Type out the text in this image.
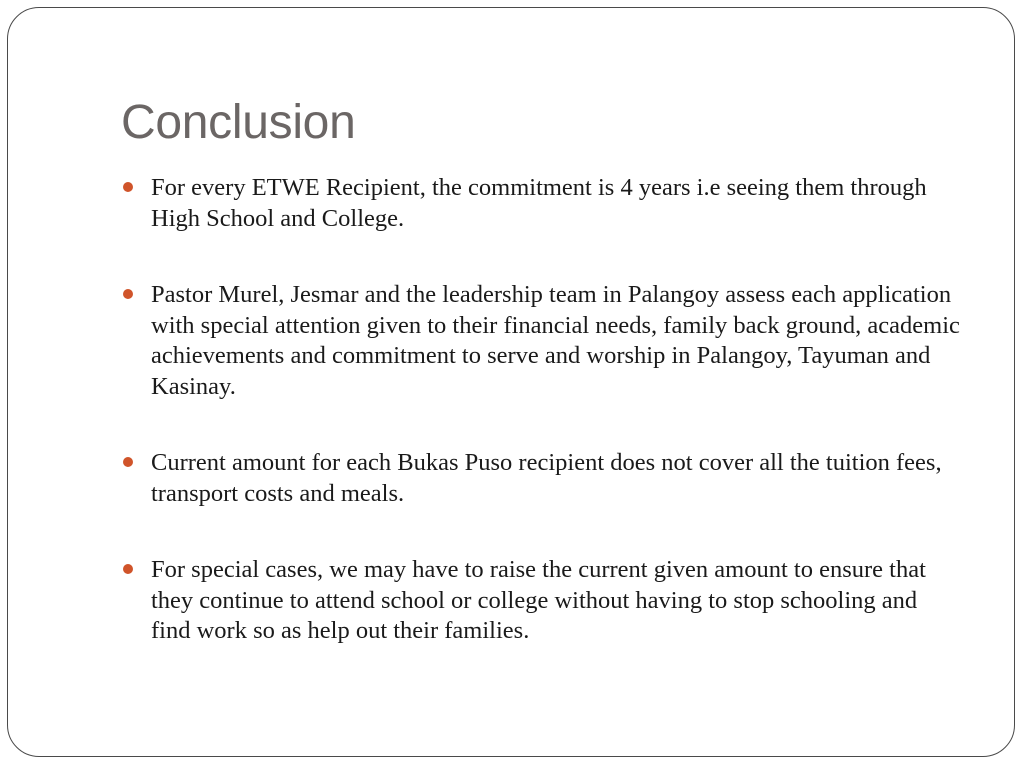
Conclusion
For every ETWE Recipient, the commitment is 4 years i.e seeing them through High School and College.
Pastor Murel, Jesmar and the leadership team in Palangoy assess each application with special attention given to their financial needs, family back ground, academic achievements and commitment to serve and worship in Palangoy, Tayuman and Kasinay.
Current amount for each Bukas Puso recipient does not cover all the tuition fees, transport costs and meals.
For special cases, we may have to raise the current given amount to ensure that they continue to attend school or college without having to stop schooling and find work so as help out their families.
